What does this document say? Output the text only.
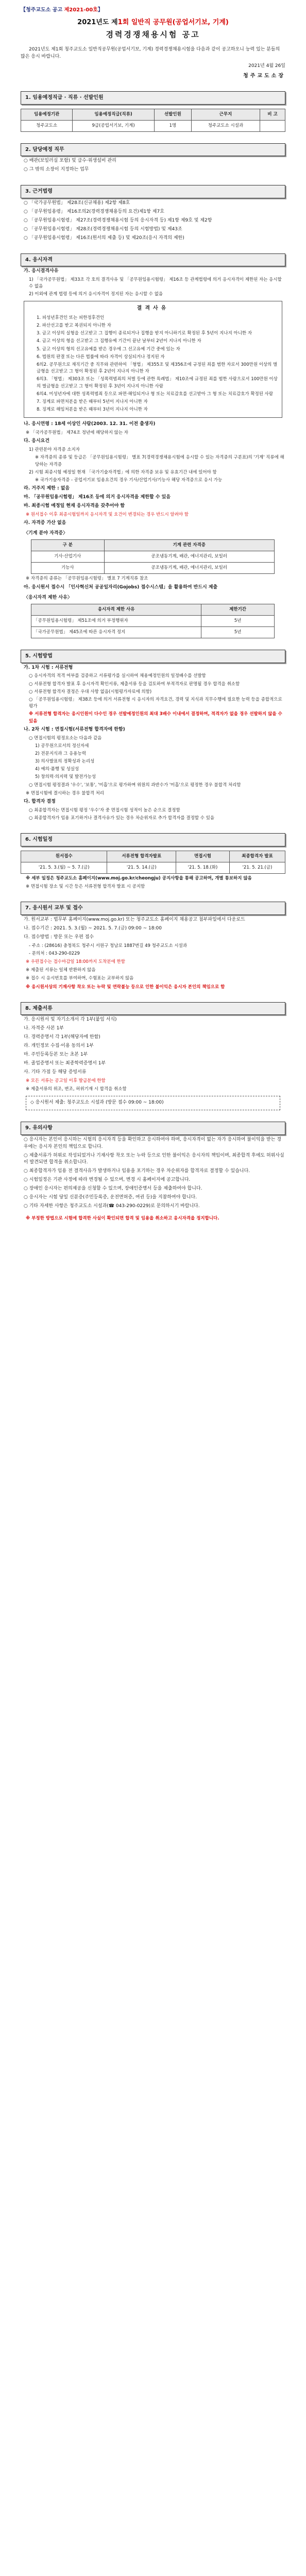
【청주교도소 공고 제2021-00호】
2021년도 제1회 일반직 공무원(공업서기보, 기계)
경력경쟁채용시험 공고
2021년도 제1회 청주교도소 일반직공무원(공업서기보, 기계) 경력경쟁채용시험을 다음과 같이 공고하오니 능력 있는 분들의 많은 응시 바랍니다.
2021년 4월 26일
청주교도소장
1. 임용예정직급 · 직류 · 선발인원
임용예정기관	임용예정직급(직류)	선발인원	근무지	비 고
청주교도소	9급(공업서기보, 기계)	1명	청주교도소 시설과	
2. 담당예정 직무
○ 배관(보일러실 포함) 및 급수·위생설비 관리
○ 그 밖의 소장이 지정하는 업무
3. 근거법령
○ 「국가공무원법」 제28조(신규채용) 제2항 제8호
○ 「공무원임용령」 제16조의2(경력경쟁채용등의 요건)제1항 제7호
○ 「공무원임용시험령」 제27조(경력경쟁채용시험 등의 응시자격 등) 제1항 제9호 및 제2항
○ 「공무원임용시험령」 제28조(경력경쟁채용시험 등의 시험방법) 및 제43조
○ 「공무원임용시험령」 제16조(원서의 제출 등) 및 제20조(응시 자격의 제한)
4. 응시자격
가. 응시결격사유
1) 「국가공무원법」 제33조 각 호의 결격사유 및 「공무원임용시험령」 제16조 등 관계법령에 의거 응시자격이 제한된 자는 응시할 수 없음
2) 이외에 관계 법령 등에 의거 응시자격이 정지된 자는 응시할 수 없음
결격사유
1. 피성년후견인 또는 피한정후견인
2. 파산선고를 받고 복권되지 아니한 자
3. 금고 이상의 실형을 선고받고 그 집행이 종료되거나 집행을 받지 아니하기로 확정된 후 5년이 지나지 아니한 자
4. 금고 이상의 형을 선고받고 그 집행유예 기간이 끝난 날부터 2년이 지나지 아니한 자
5. 금고 이상의 형의 선고유예를 받은 경우에 그 선고유예 기간 중에 있는 자
6. 법원의 판결 또는 다른 법률에 따라 자격이 상실되거나 정지된 자
6의2. 공무원으로 재직기간 중 직무와 관련하여 「형법」 제355조 및 제356조에 규정된 죄를 범한 자로서 300만원 이상의 벌금형을 선고받고 그 형이 확정된 후 2년이 지나지 아니한 자
6의3. 「형법」 제303조 또는 「성폭력범죄의 처벌 등에 관한 특례법」 제10조에 규정된 죄를 범한 사람으로서 100만원 이상의 벌금형을 선고받고 그 형이 확정된 후 3년이 지나지 아니한 사람
6의4. 미성년자에 대한 성폭력범죄 등으로 파면·해임되거나 형 또는 치료감호를 선고받아 그 형 또는 치료감호가 확정된 사람
7. 징계로 파면처분을 받은 때부터 5년이 지나지 아니한 자
8. 징계로 해임처분을 받은 때부터 3년이 지나지 아니한 자
나. 응시연령 : 18세 이상인 사람(2003. 12. 31. 이전 출생자)
※ 「국가공무원법」 제74조 정년에 해당하지 않는 자
다. 응시요건
1) 관련분야 자격증 소지자
※ 자격증의 종류 및 등급은 「공무원임용시험령」 별표 7(경력경쟁채용시험에 응시할 수 있는 자격증의 구분표)의 '기계' 직류에 해당하는 자격증
2) 시험 최종시험 예정일 현재 「국가기술자격법」에 의한 자격증 보유 및 유효기간 내에 있어야 함
※ 국가기술자격증 - 공업서기보 임용요건의 경우 기사/산업기사/기능사 해당 자격증으로 응시 가능
라. 거주지 제한 : 없음
마. 「공무원임용시험령」 제16조 등에 의거 응시자격을 제한할 수 있음
바. 최종시험 예정일 현재 응시자격을 갖추어야 함
※ 원서접수 이후 최종시험일까지 응시자격 및 요건이 변경되는 경우 반드시 알려야 함
사. 자격증 가산 없음
〈기계 분야 자격증〉
구 분	기계 관련 자격증
기사·산업기사	공조냉동기계, 배관, 에너지관리, 보일러
기능사	공조냉동기계, 배관, 에너지관리, 보일러
※ 자격증의 종류는 「공무원임용시험령」 별표 7 기계직류 참조
아. 응시원서 접수시 「인사혁신처 공공일자리(Gojobs) 접수시스템」을 활용하여 반드시 제출
〈응시자격 제한 사유〉
응시자격 제한 사유	제한기간
「공무원임용시험령」 제51조에 의거 부정행위자	5년
「국가공무원법」 제45조에 따른 응시자격 정지	5년
5. 시험방법
가. 1차 시험 : 서류전형
○ 응시자격의 적격 여부를 검증하고 서류평가를 실시하여 채용예정인원의 일정배수를 선발함
○ 서류전형 합격자 발표 후 응시자격 확인서류, 제출서류 등을 검토하여 부적격자로 판명될 경우 합격을 취소함
○ 서류전형 합격자 결정은 우대 사항 없음(시험평가자료에 의함)
○ 「공무원임용시험령」 제38조 등에 의거 서류전형 시 응시자의 자격요건, 경력 및 지식과 직무수행에 필요한 능력 등을 종합적으로 평가
※ 서류전형 합격자는 응시인원이 다수인 경우 선발예정인원의 최대 3배수 이내에서 결정하며, 적격자가 없을 경우 선발하지 않을 수 있음
나. 2차 시험 : 면접시험(서류전형 합격자에 한함)
○ 면접시험의 평정요소는 다음과 같음
1) 공무원으로서의 정신자세
2) 전문지식과 그 응용능력
3) 의사발표의 정확성과 논리성
4) 예의·품행 및 성실성
5) 창의력·의지력 및 발전가능성
○ 면접시험 평정결과 '우수', '보통', '미흡'으로 평가하며 위원의 과반수가 '미흡'으로 평정한 경우 불합격 처리함
※ 면접시험에 결시하는 경우 불합격 처리
다. 합격자 결정
○ 최종합격자는 면접시험 평정 '우수'자 중 면접시험 성적이 높은 순으로 결정함
○ 최종합격자가 임용 포기하거나 결격사유가 있는 경우 차순위자로 추가 합격자를 결정할 수 있음
6. 시험일정
원서접수	서류전형 합격자발표	면접시험	최종합격자 발표
'21. 5. 3.(월) ~ 5. 7.(금)	'21. 5. 14.(금)	'21. 5. 18.(화)	'21. 5. 21.(금)
※ 세부 일정은 청주교도소 홈페이지(www.moj.go.kr/cheongju) 공지사항을 통해 공고하며, 개별 통보하지 않음
※ 면접시험 장소 및 시간 등은 서류전형 합격자 발표 시 공지함
7. 응시원서 교부 및 접수
가. 원서교부 : 법무부 홈페이지(www.moj.go.kr) 또는 청주교도소 홈페이지 채용공고 첨부파일에서 다운로드
나. 접수기간 : 2021. 5. 3.(월) ~ 2021. 5. 7.(금) 09:00 ~ 18:00
다. 접수방법 : 방문 또는 우편 접수
- 주소 : (28616) 충청북도 청주시 서원구 청남로 1887번길 49 청주교도소 시설과
- 문의처 : 043-290-0229
※ 우편접수는 접수마감일 18:00까지 도착분에 한함
※ 제출된 서류는 일체 반환하지 않음
※ 접수 시 응시번호를 부여하며, 수험표는 교부하지 않음
※ 응시원서상의 기재사항 착오 또는 누락 및 연락불능 등으로 인한 불이익은 응시자 본인의 책임으로 함
8. 제출서류
가. 응시원서 및 자기소개서 각 1부(붙임 서식)
나. 자격증 사본 1부
다. 경력증명서 각 1부(해당자에 한함)
라. 개인정보 수집·이용 동의서 1부
마. 주민등록등본 또는 초본 1부
바. 졸업증명서 또는 최종학력증명서 1부
사. 기타 가점 등 해당 증빙서류
※ 모든 서류는 공고일 이후 발급분에 한함
※ 제출서류의 위조, 변조, 허위기재 시 합격을 취소함
◇ 응시원서 제출: 청주교도소 시설과 (방문 접수 09:00 ~ 18:00)
9. 유의사항
○ 응시자는 본인이 응시하는 시험의 응시자격 등을 확인하고 응시하여야 하며, 응시자격이 없는 자가 응시하여 불이익을 받는 경우에는 응시자 본인의 책임으로 합니다.
○ 제출서류가 허위로 작성되었거나 기재사항 착오 또는 누락 등으로 인한 불이익은 응시자의 책임이며, 최종합격 후에도 허위사실이 발견되면 합격을 취소합니다.
○ 최종합격자가 임용 전 결격사유가 발생하거나 임용을 포기하는 경우 차순위자를 합격자로 결정할 수 있습니다.
○ 시험일정은 기관 사정에 따라 변경될 수 있으며, 변경 시 홈페이지에 공고합니다.
○ 장애인 응시자는 편의제공을 신청할 수 있으며, 장애인증명서 등을 제출하여야 합니다.
○ 응시자는 시험 당일 신분증(주민등록증, 운전면허증, 여권 등)을 지참하여야 합니다.
○ 기타 자세한 사항은 청주교도소 시설과(☎ 043-290-0229)로 문의하시기 바랍니다.
※ 부정한 방법으로 시험에 합격한 사실이 확인되면 합격 및 임용을 취소하고 응시자격을 정지합니다.
